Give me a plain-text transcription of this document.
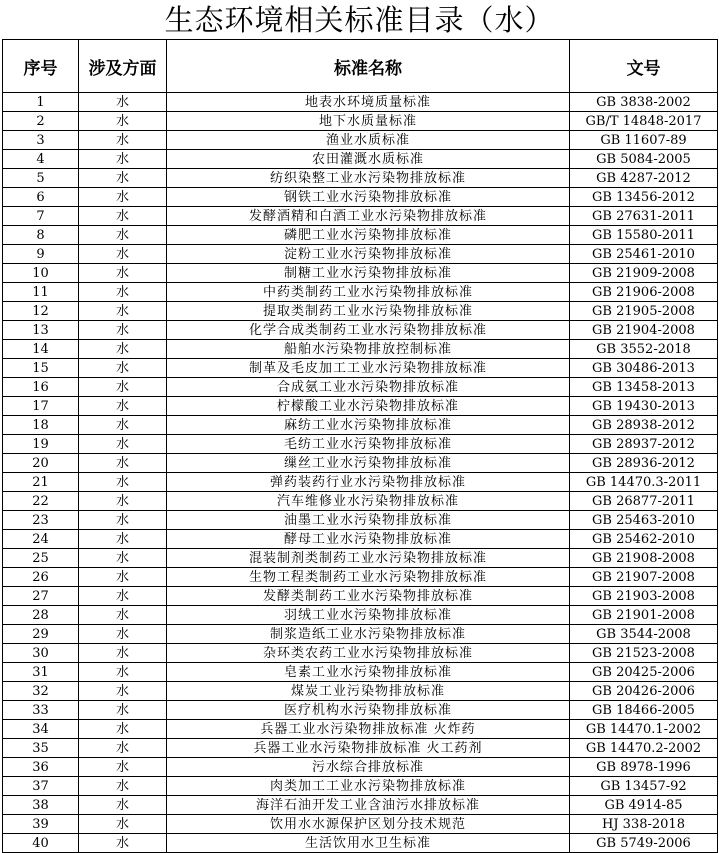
生态环境相关标准目录（水）
序号	涉及方面	标准名称	文号
1	水	地表水环境质量标准	GB 3838-2002
2	水	地下水质量标准	GB/T 14848-2017
3	水	渔业水质标准	GB 11607-89
4	水	农田灌溉水质标准	GB 5084-2005
5	水	纺织染整工业水污染物排放标准	GB 4287-2012
6	水	钢铁工业水污染物排放标准	GB 13456-2012
7	水	发酵酒精和白酒工业水污染物排放标准	GB 27631-2011
8	水	磷肥工业水污染物排放标准	GB 15580-2011
9	水	淀粉工业水污染物排放标准	GB 25461-2010
10	水	制糖工业水污染物排放标准	GB 21909-2008
11	水	中药类制药工业水污染物排放标准	GB 21906-2008
12	水	提取类制药工业水污染物排放标准	GB 21905-2008
13	水	化学合成类制药工业水污染物排放标准	GB 21904-2008
14	水	船舶水污染物排放控制标准	GB 3552-2018
15	水	制革及毛皮加工工业水污染物排放标准	GB 30486-2013
16	水	合成氨工业水污染物排放标准	GB 13458-2013
17	水	柠檬酸工业水污染物排放标准	GB 19430-2013
18	水	麻纺工业水污染物排放标准	GB 28938-2012
19	水	毛纺工业水污染物排放标准	GB 28937-2012
20	水	缫丝工业水污染物排放标准	GB 28936-2012
21	水	弹药装药行业水污染物排放标准	GB 14470.3-2011
22	水	汽车维修业水污染物排放标准	GB 26877-2011
23	水	油墨工业水污染物排放标准	GB 25463-2010
24	水	酵母工业水污染物排放标准	GB 25462-2010
25	水	混装制剂类制药工业水污染物排放标准	GB 21908-2008
26	水	生物工程类制药工业水污染物排放标准	GB 21907-2008
27	水	发酵类制药工业水污染物排放标准	GB 21903-2008
28	水	羽绒工业水污染物排放标准	GB 21901-2008
29	水	制浆造纸工业水污染物排放标准	GB 3544-2008
30	水	杂环类农药工业水污染物排放标准	GB 21523-2008
31	水	皂素工业水污染物排放标准	GB 20425-2006
32	水	煤炭工业污染物排放标准	GB 20426-2006
33	水	医疗机构水污染物排放标准	GB 18466-2005
34	水	兵器工业水污染物排放标准 火炸药	GB 14470.1-2002
35	水	兵器工业水污染物排放标准 火工药剂	GB 14470.2-2002
36	水	污水综合排放标准	GB 8978-1996
37	水	肉类加工工业水污染物排放标准	GB 13457-92
38	水	海洋石油开发工业含油污水排放标准	GB 4914-85
39	水	饮用水水源保护区划分技术规范	HJ 338-2018
40	水	生活饮用水卫生标准	GB 5749-2006
